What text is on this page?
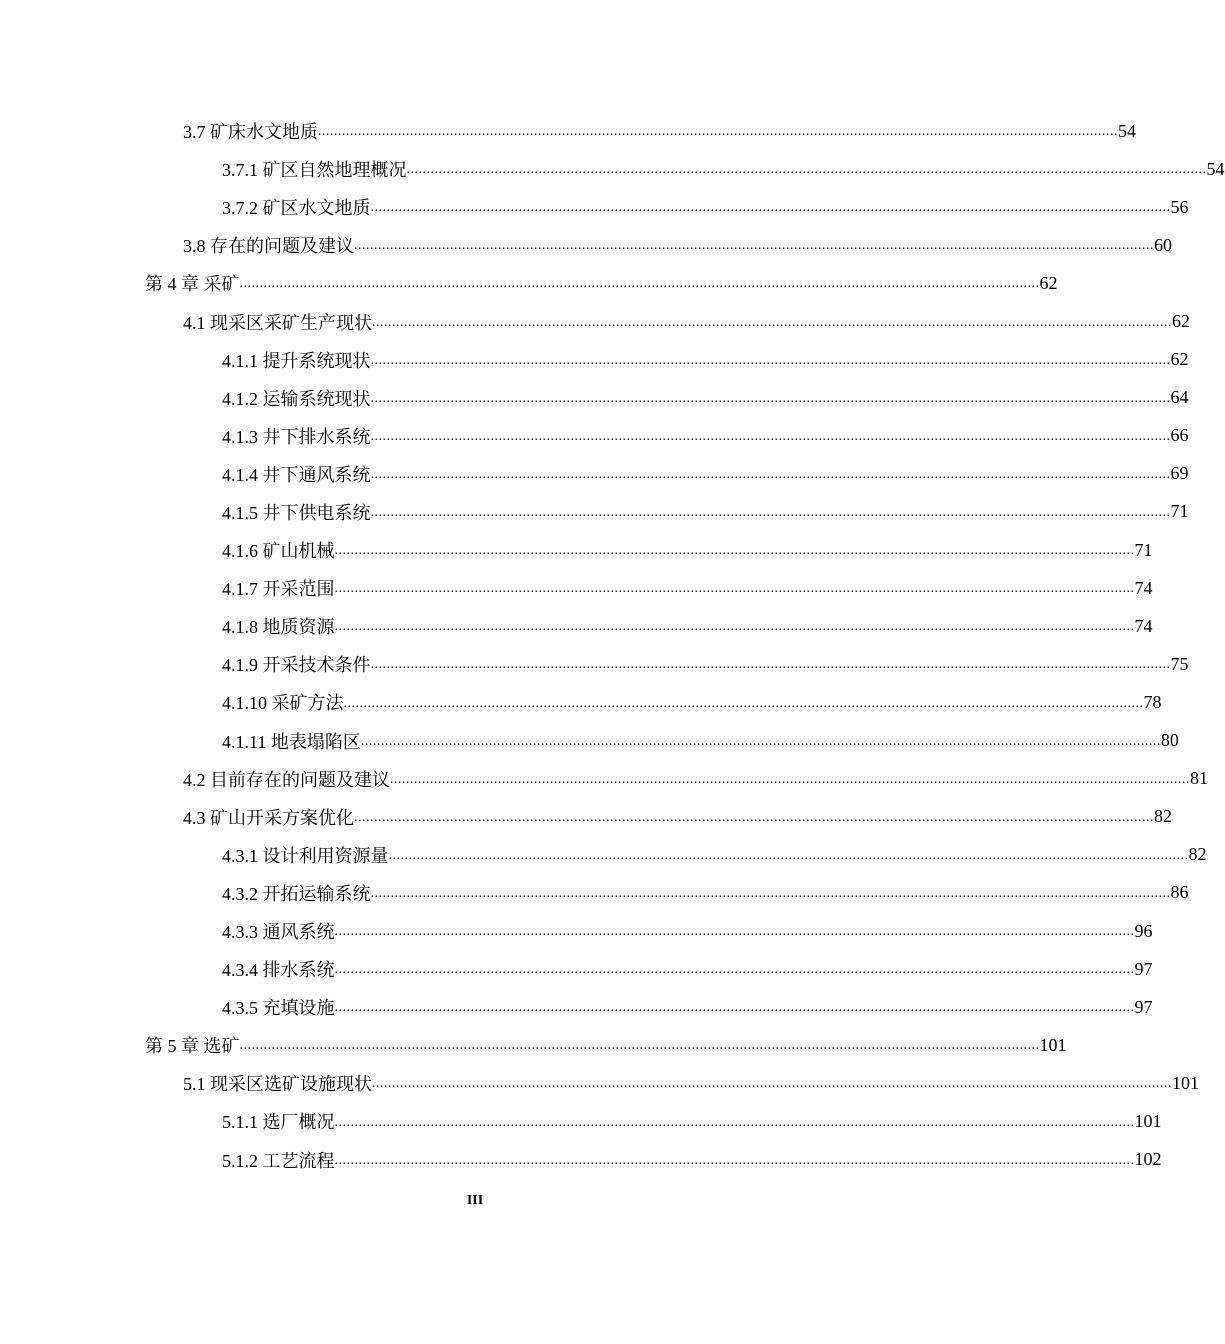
3.7 矿床水文地质 ........................................................................................................................................................................................................ 54
3.7.1 矿区自然地理概况 ........................................................................................................................................................................................................ 54
3.7.2 矿区水文地质 ........................................................................................................................................................................................................ 56
3.8 存在的问题及建议 ........................................................................................................................................................................................................ 60
第 4 章 采矿 ........................................................................................................................................................................................................ 62
4.1 现采区采矿生产现状 ........................................................................................................................................................................................................ 62
4.1.1 提升系统现状 ........................................................................................................................................................................................................ 62
4.1.2 运输系统现状 ........................................................................................................................................................................................................ 64
4.1.3 井下排水系统 ........................................................................................................................................................................................................ 66
4.1.4 井下通风系统 ........................................................................................................................................................................................................ 69
4.1.5 井下供电系统 ........................................................................................................................................................................................................ 71
4.1.6 矿山机械 ........................................................................................................................................................................................................ 71
4.1.7 开采范围 ........................................................................................................................................................................................................ 74
4.1.8 地质资源 ........................................................................................................................................................................................................ 74
4.1.9 开采技术条件 ........................................................................................................................................................................................................ 75
4.1.10 采矿方法 ........................................................................................................................................................................................................ 78
4.1.11 地表塌陷区 ........................................................................................................................................................................................................ 80
4.2 目前存在的问题及建议 ........................................................................................................................................................................................................ 81
4.3 矿山开采方案优化 ........................................................................................................................................................................................................ 82
4.3.1 设计利用资源量 ........................................................................................................................................................................................................ 82
4.3.2 开拓运输系统 ........................................................................................................................................................................................................ 86
4.3.3 通风系统 ........................................................................................................................................................................................................ 96
4.3.4 排水系统 ........................................................................................................................................................................................................ 97
4.3.5 充填设施 ........................................................................................................................................................................................................ 97
第 5 章 选矿 ........................................................................................................................................................................................................ 101
5.1 现采区选矿设施现状 ........................................................................................................................................................................................................ 101
5.1.1 选厂概况 ........................................................................................................................................................................................................ 101
5.1.2 工艺流程 ........................................................................................................................................................................................................ 102
III
